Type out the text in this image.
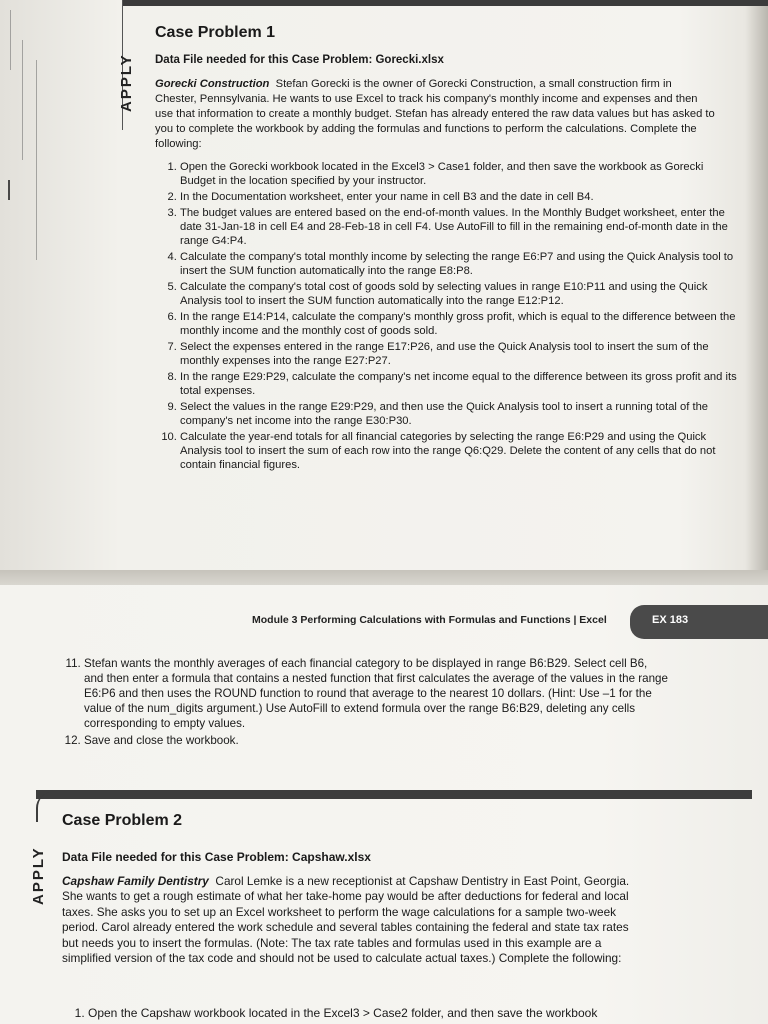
APPLY
Case Problem 1
Data File needed for this Case Problem: Gorecki.xlsx
Gorecki Construction Stefan Gorecki is the owner of Gorecki Construction, a small construction firm in Chester, Pennsylvania. He wants to use Excel to track his company's monthly income and expenses and then use that information to create a monthly budget. Stefan has already entered the raw data values but has asked to you to complete the workbook by adding the formulas and functions to perform the calculations. Complete the following:
1. Open the Gorecki workbook located in the Excel3 > Case1 folder, and then save the workbook as Gorecki Budget in the location specified by your instructor.
2. In the Documentation worksheet, enter your name in cell B3 and the date in cell B4.
3. The budget values are entered based on the end-of-month values. In the Monthly Budget worksheet, enter the date 31-Jan-18 in cell E4 and 28-Feb-18 in cell F4. Use AutoFill to fill in the remaining end-of-month date in the range G4:P4.
4. Calculate the company's total monthly income by selecting the range E6:P7 and using the Quick Analysis tool to insert the SUM function automatically into the range E8:P8.
5. Calculate the company's total cost of goods sold by selecting values in range E10:P11 and using the Quick Analysis tool to insert the SUM function automatically into the range E12:P12.
6. In the range E14:P14, calculate the company's monthly gross profit, which is equal to the difference between the monthly income and the monthly cost of goods sold.
7. Select the expenses entered in the range E17:P26, and use the Quick Analysis tool to insert the sum of the monthly expenses into the range E27:P27.
8. In the range E29:P29, calculate the company's net income equal to the difference between its gross profit and its total expenses.
9. Select the values in the range E29:P29, and then use the Quick Analysis tool to insert a running total of the company's net income into the range E30:P30.
10. Calculate the year-end totals for all financial categories by selecting the range E6:P29 and using the Quick Analysis tool to insert the sum of each row into the range Q6:Q29. Delete the content of any cells that do not contain financial figures.
Module 3 Performing Calculations with Formulas and Functions | Excel	EX 183
11. Stefan wants the monthly averages of each financial category to be displayed in range B6:B29. Select cell B6, and then enter a formula that contains a nested function that first calculates the average of the values in the range E6:P6 and then uses the ROUND function to round that average to the nearest 10 dollars. (Hint: Use –1 for the value of the num_digits argument.) Use AutoFill to extend formula over the range B6:B29, deleting any cells corresponding to empty values.
12. Save and close the workbook.
APPLY
Case Problem 2
Data File needed for this Case Problem: Capshaw.xlsx
Capshaw Family Dentistry Carol Lemke is a new receptionist at Capshaw Dentistry in East Point, Georgia. She wants to get a rough estimate of what her take-home pay would be after deductions for federal and local taxes. She asks you to set up an Excel worksheet to perform the wage calculations for a sample two-week period. Carol already entered the work schedule and several tables containing the federal and state tax rates but needs you to insert the formulas. (Note: The tax rate tables and formulas used in this example are a simplified version of the tax code and should not be used to calculate actual taxes.) Complete the following:
1. Open the Capshaw workbook located in the Excel3 > Case2 folder, and then save the workbook
